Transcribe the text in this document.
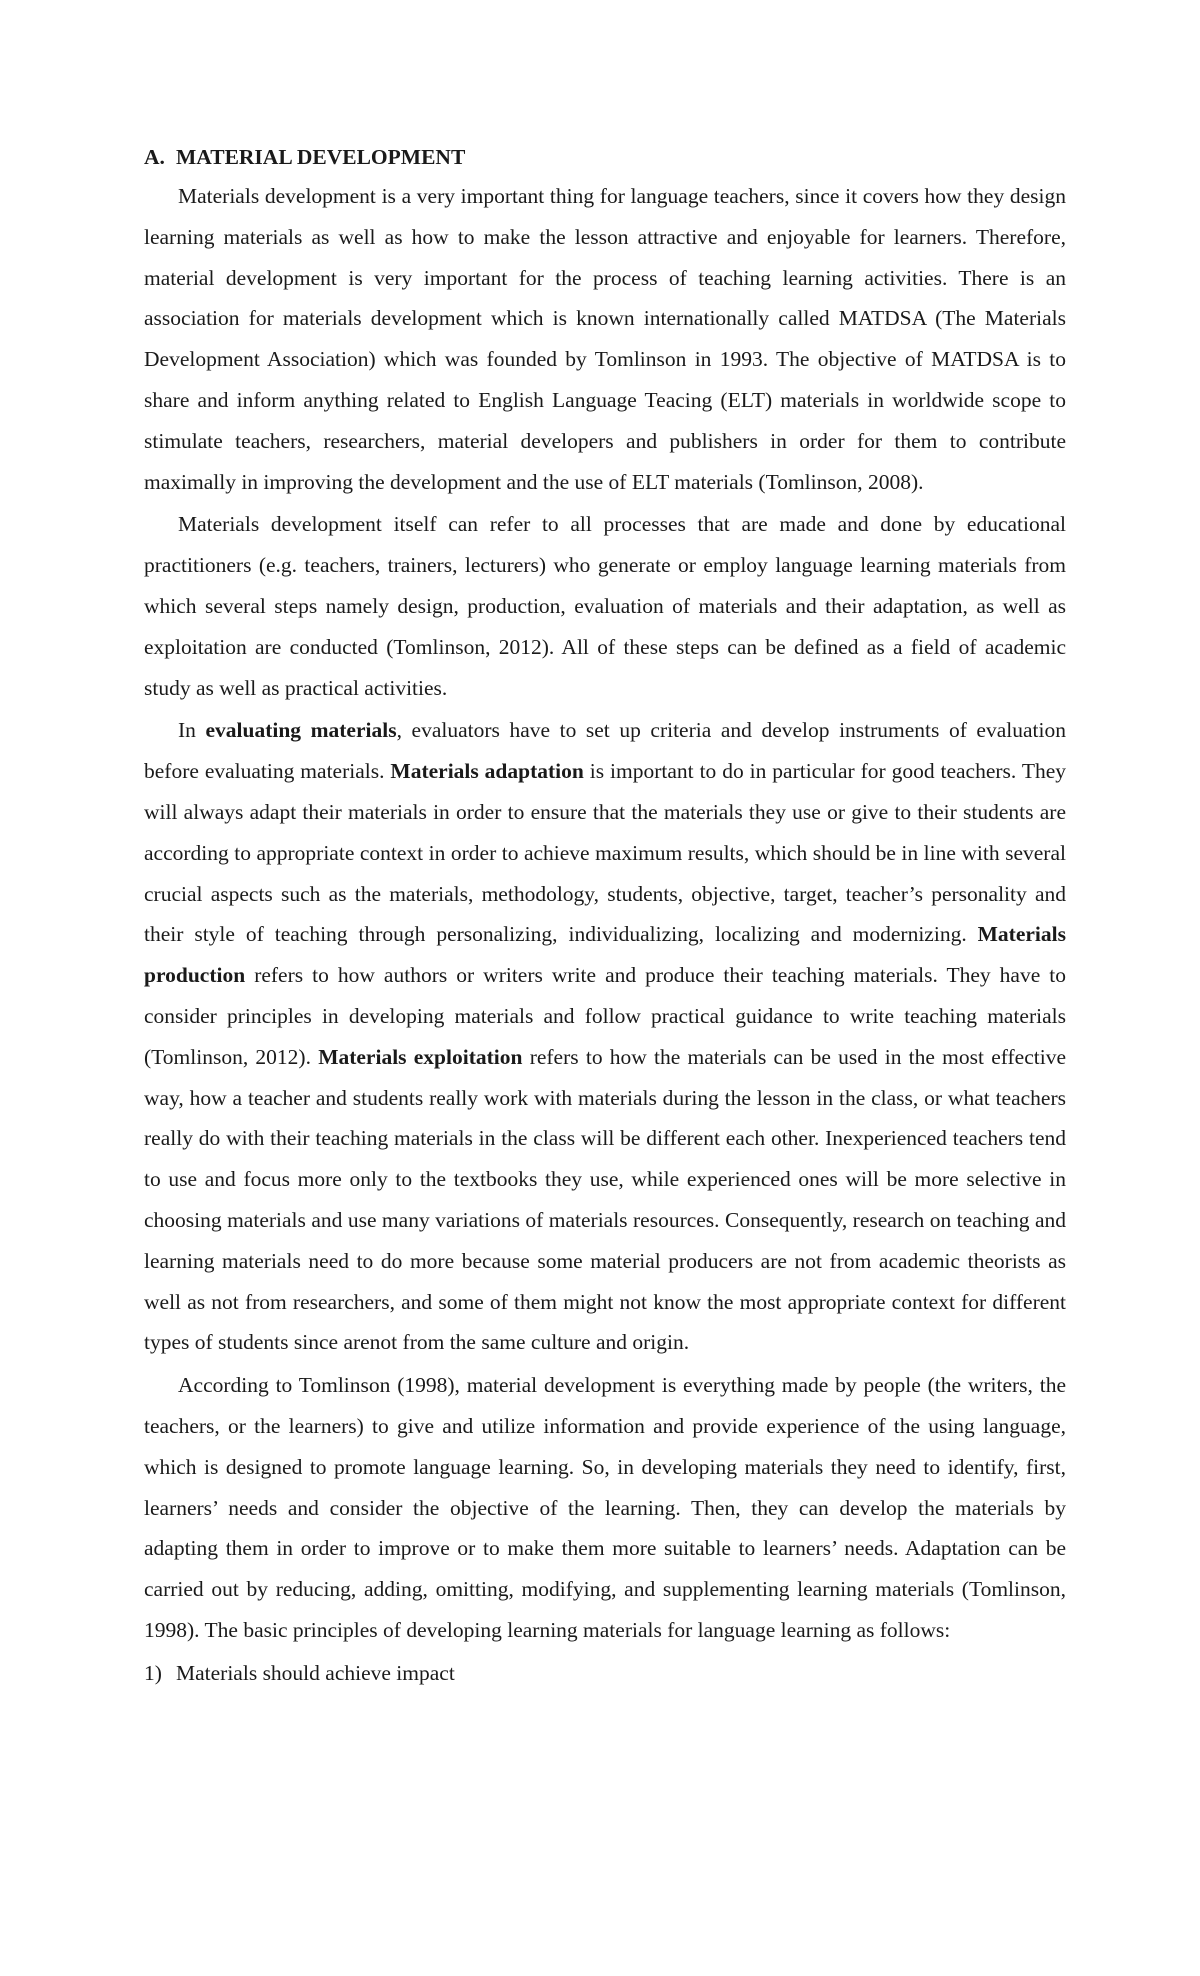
A. MATERIAL DEVELOPMENT

Materials development is a very important thing for language teachers, since it covers how they design learning materials as well as how to make the lesson attractive and enjoyable for learners. Therefore, material development is very important for the process of teaching learning activities. There is an association for materials development which is known internationally called MATDSA (The Materials Development Association) which was founded by Tomlinson in 1993. The objective of MATDSA is to share and inform anything related to English Language Teacing (ELT) materials in worldwide scope to stimulate teachers, researchers, material developers and publishers in order for them to contribute maximally in improving the development and the use of ELT materials (Tomlinson, 2008).

Materials development itself can refer to all processes that are made and done by educational practitioners (e.g. teachers, trainers, lecturers) who generate or employ language learning materials from which several steps namely design, production, evaluation of materials and their adaptation, as well as exploitation are conducted (Tomlinson, 2012). All of these steps can be defined as a field of academic study as well as practical activities.

In evaluating materials, evaluators have to set up criteria and develop instruments of evaluation before evaluating materials. Materials adaptation is important to do in particular for good teachers. They will always adapt their materials in order to ensure that the materials they use or give to their students are according to appropriate context in order to achieve maximum results, which should be in line with several crucial aspects such as the materials, methodology, students, objective, target, teacher’s personality and their style of teaching through personalizing, individualizing, localizing and modernizing. Materials production refers to how authors or writers write and produce their teaching materials. They have to consider principles in developing materials and follow practical guidance to write teaching materials (Tomlinson, 2012). Materials exploitation refers to how the materials can be used in the most effective way, how a teacher and students really work with materials during the lesson in the class, or what teachers really do with their teaching materials in the class will be different each other. Inexperienced teachers tend to use and focus more only to the textbooks they use, while experienced ones will be more selective in choosing materials and use many variations of materials resources. Consequently, research on teaching and learning materials need to do more because some material producers are not from academic theorists as well as not from researchers, and some of them might not know the most appropriate context for different types of students since arenot from the same culture and origin.

According to Tomlinson (1998), material development is everything made by people (the writers, the teachers, or the learners) to give and utilize information and provide experience of the using language, which is designed to promote language learning. So, in developing materials they need to identify, first, learners’ needs and consider the objective of the learning. Then, they can develop the materials by adapting them in order to improve or to make them more suitable to learners’ needs. Adaptation can be carried out by reducing, adding, omitting, modifying, and supplementing learning materials (Tomlinson, 1998). The basic principles of developing learning materials for language learning as follows:

1) Materials should achieve impact
